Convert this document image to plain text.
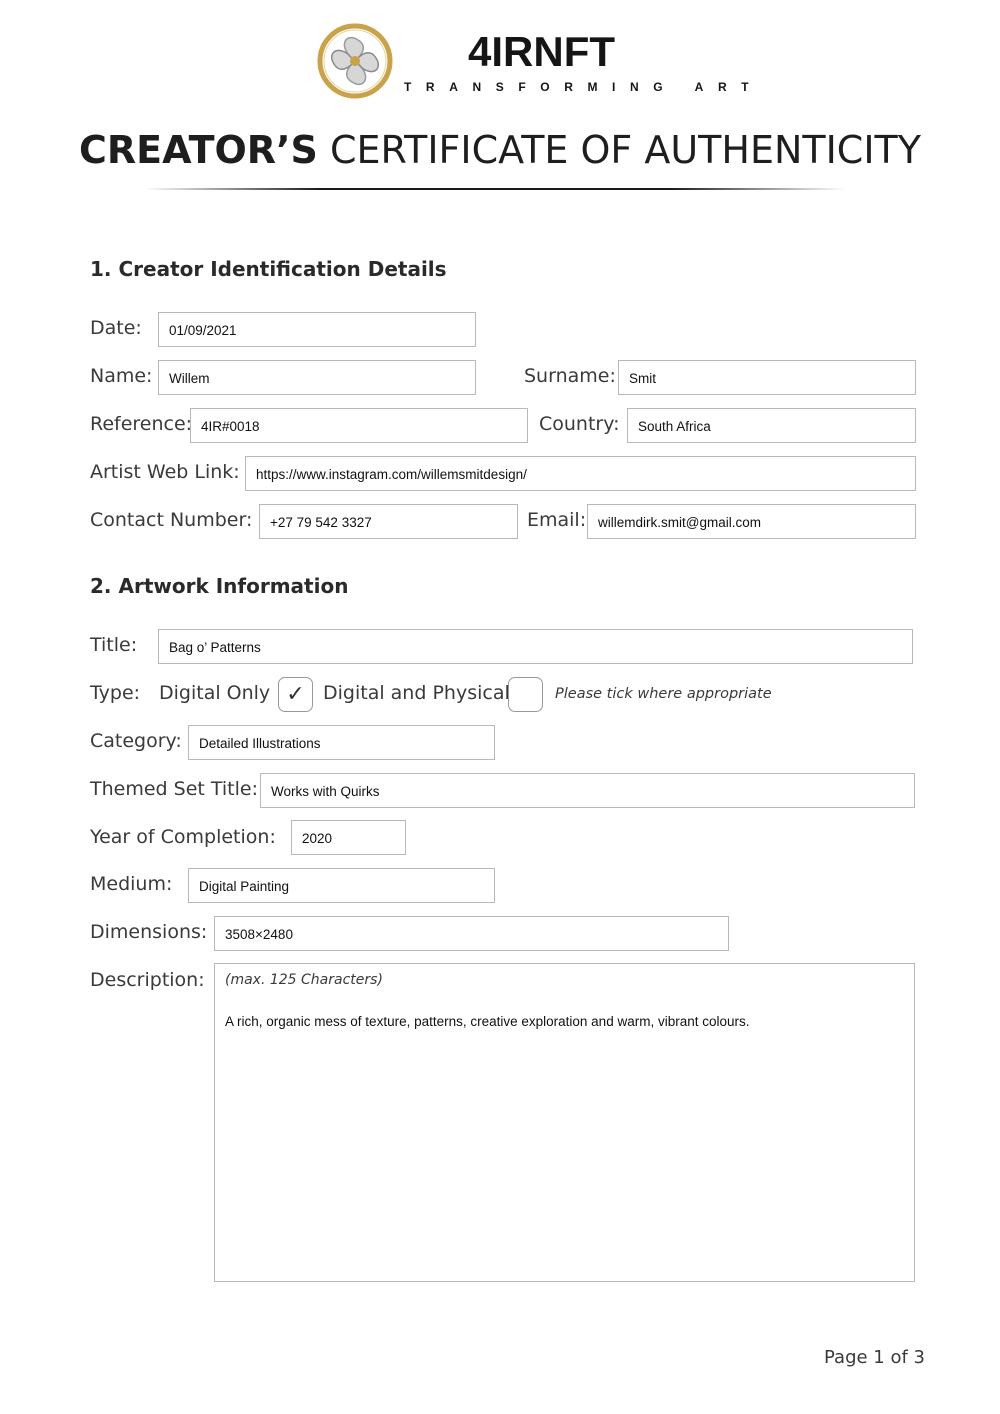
4IRNFT
TRANSFORMING ART
CREATOR’S CERTIFICATE OF AUTHENTICITY
1. Creator Identification Details
Date:	01/09/2021
Name:	Willem	Surname: Smit
Reference: 4IR#0018	Country:	South Africa
Artist Web Link:	https://www.instagram.com/willemsmitdesign/
Contact Number:	+27 79 542 3327	Email: willemdirk.smit@gmail.com
2. Artwork Information
Title:	Bag o’ Patterns
Type: Digital Only ✓ Digital and Physical	Please tick where appropriate
Category:	Detailed Illustrations
Themed Set Title: Works with Quirks
Year of Completion:	2020
Medium:	Digital Painting
Dimensions:	3508×2480
Description: (max. 125 Characters)
A rich, organic mess of texture, patterns, creative exploration and warm, vibrant colours.
Page 1 of 3
